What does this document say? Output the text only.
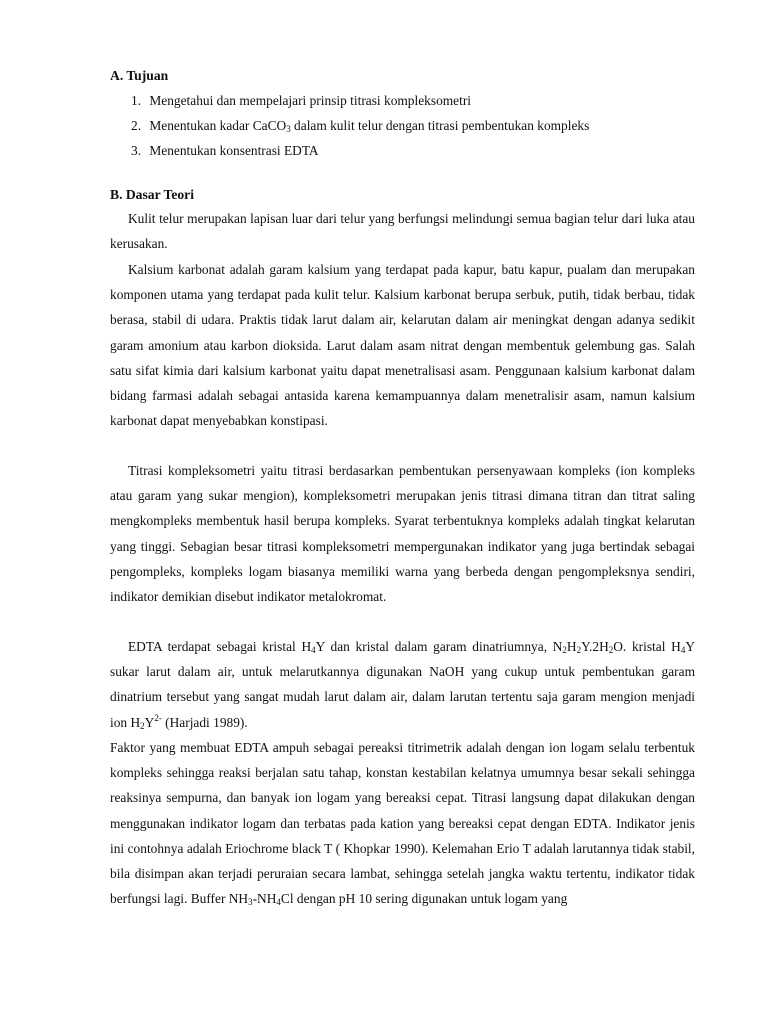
A. Tujuan
1. Mengetahui dan mempelajari prinsip titrasi kompleksometri
2. Menentukan kadar CaCO$_3$ dalam kulit telur dengan titrasi pembentukan kompleks
3. Menentukan konsentrasi EDTA
B. Dasar Teori

Kulit telur merupakan lapisan luar dari telur yang berfungsi melindungi semua bagian telur dari luka atau kerusakan.

Kalsium karbonat adalah garam kalsium yang terdapat pada kapur, batu kapur, pualam dan merupakan komponen utama yang terdapat pada kulit telur. Kalsium karbonat berupa serbuk, putih, tidak berbau, tidak berasa, stabil di udara. Praktis tidak larut dalam air, kelarutan dalam air meningkat dengan adanya sedikit garam amonium atau karbon dioksida. Larut dalam asam nitrat dengan membentuk gelembung gas. Salah satu sifat kimia dari kalsium karbonat yaitu dapat menetralisasi asam. Penggunaan kalsium karbonat dalam bidang farmasi adalah sebagai antasida karena kemampuannya dalam menetralisir asam, namun kalsium karbonat dapat menyebabkan konstipasi.

Titrasi kompleksometri yaitu titrasi berdasarkan pembentukan persenyawaan kompleks (ion kompleks atau garam yang sukar mengion), kompleksometri merupakan jenis titrasi dimana titran dan titrat saling mengkompleks membentuk hasil berupa kompleks. Syarat terbentuknya kompleks adalah tingkat kelarutan yang tinggi. Sebagian besar titrasi kompleksometri mempergunakan indikator yang juga bertindak sebagai pengompleks, kompleks logam biasanya memiliki warna yang berbeda dengan pengompleksnya sendiri, indikator demikian disebut indikator metalokromat.

EDTA terdapat sebagai kristal $H_4Y$ dan kristal dalam garam dinatriumnya, $N_2H_2Y.2H_2O$. kristal $H_4Y$ sukar larut dalam air, untuk melarutkannya digunakan NaOH yang cukup untuk pembentukan garam dinatrium tersebut yang sangat mudah larut dalam air, dalam larutan tertentu saja garam mengion menjadi ion $H_2Y^{2-}$ (Harjadi 1989).

Faktor yang membuat EDTA ampuh sebagai pereaksi titrimetrik adalah dengan ion logam selalu terbentuk kompleks sehingga reaksi berjalan satu tahap, konstan kestabilan kelatnya umumnya besar sekali sehingga reaksinya sempurna, dan banyak ion logam yang bereaksi cepat. Titrasi langsung dapat dilakukan dengan menggunakan indikator logam dan terbatas pada kation yang bereaksi cepat dengan EDTA. Indikator jenis ini contohnya adalah Eriochrome black T ( Khopkar 1990). Kelemahan Erio T adalah larutannya tidak stabil, bila disimpan akan terjadi peruraian secara lambat, sehingga setelah jangka waktu tertentu, indikator tidak berfungsi lagi. Buffer $NH_3-NH_4Cl$ dengan pH 10 sering digunakan untuk logam yang
